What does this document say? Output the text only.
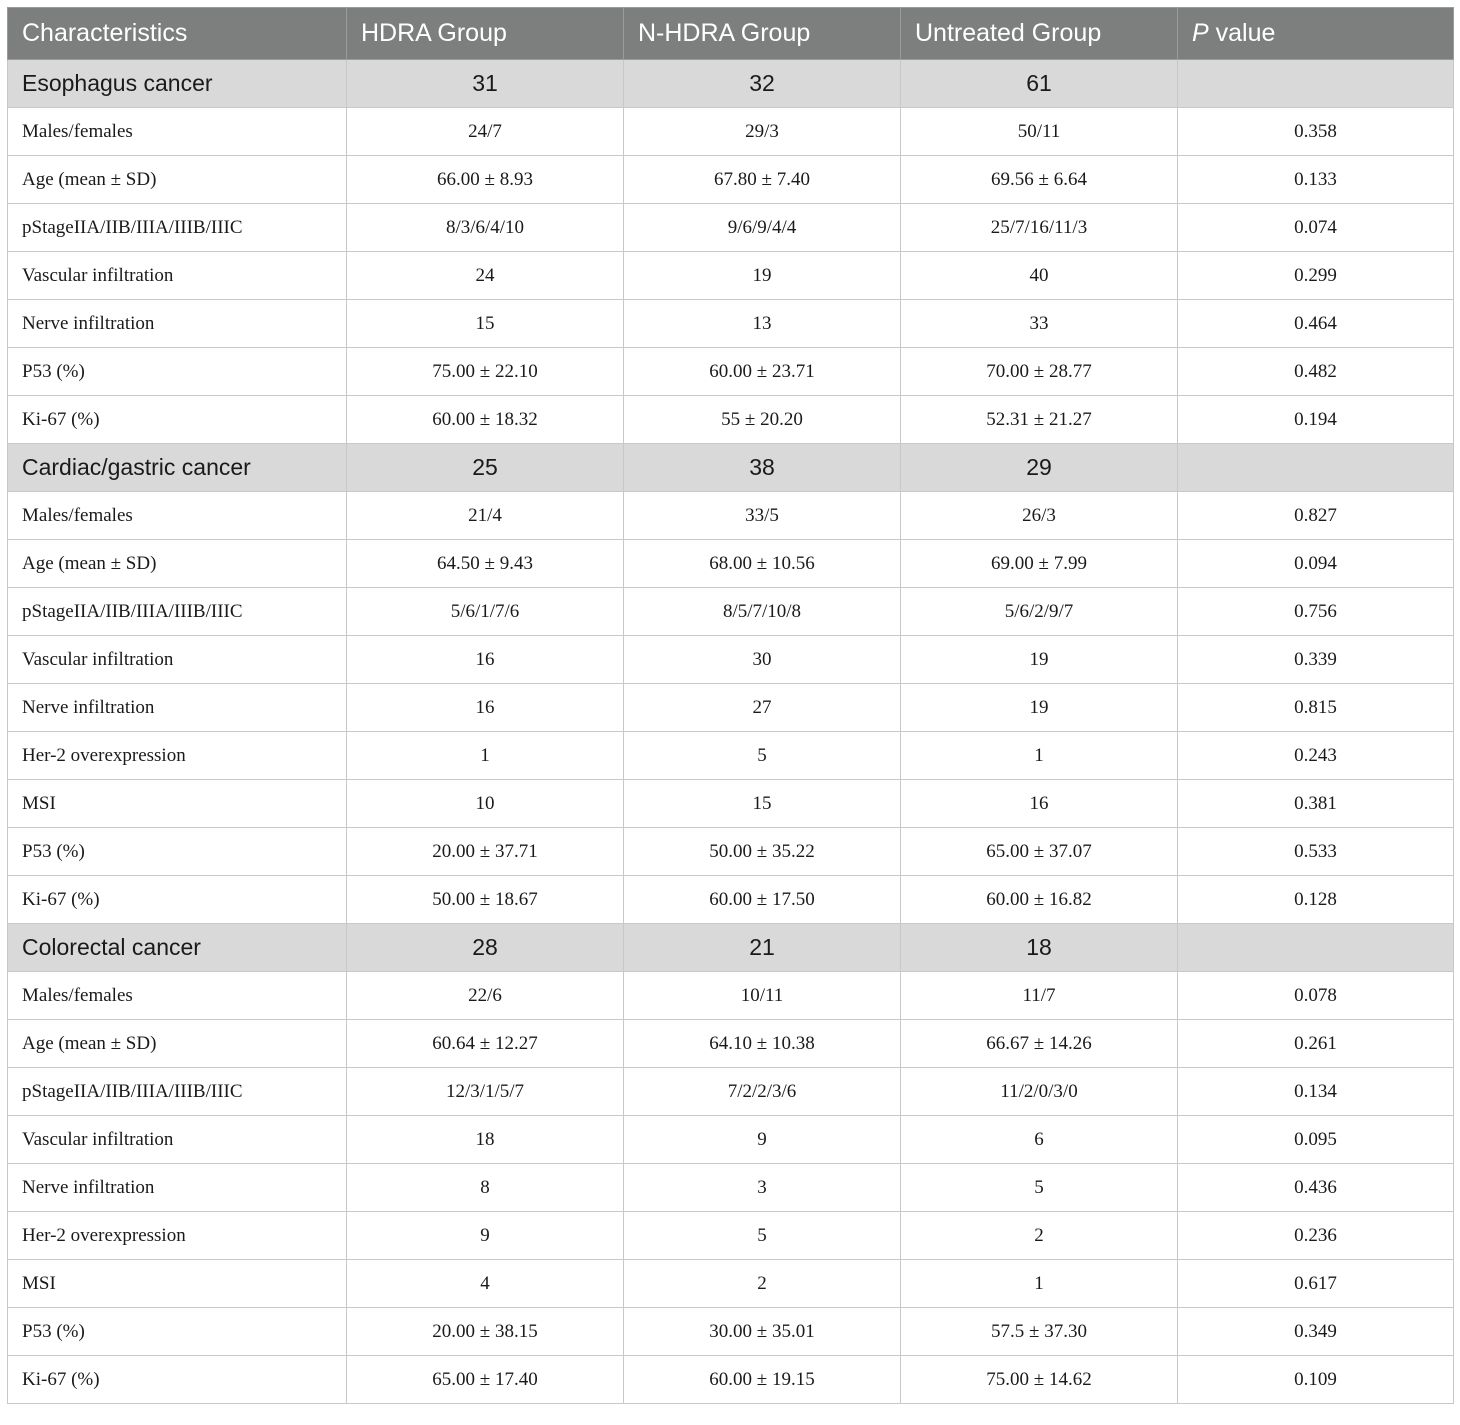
Characteristics	HDRA Group	N-HDRA Group	Untreated Group	P value
Esophagus cancer	31	32	61	
Males/females	24/7	29/3	50/11	0.358
Age (mean ± SD)	66.00 ± 8.93	67.80 ± 7.40	69.56 ± 6.64	0.133
pStageIIA/IIB/IIIA/IIIB/IIIC	8/3/6/4/10	9/6/9/4/4	25/7/16/11/3	0.074
Vascular infiltration	24	19	40	0.299
Nerve infiltration	15	13	33	0.464
P53 (%)	75.00 ± 22.10	60.00 ± 23.71	70.00 ± 28.77	0.482
Ki-67 (%)	60.00 ± 18.32	55 ± 20.20	52.31 ± 21.27	0.194
Cardiac/gastric cancer	25	38	29	
Males/females	21/4	33/5	26/3	0.827
Age (mean ± SD)	64.50 ± 9.43	68.00 ± 10.56	69.00 ± 7.99	0.094
pStageIIA/IIB/IIIA/IIIB/IIIC	5/6/1/7/6	8/5/7/10/8	5/6/2/9/7	0.756
Vascular infiltration	16	30	19	0.339
Nerve infiltration	16	27	19	0.815
Her-2 overexpression	1	5	1	0.243
MSI	10	15	16	0.381
P53 (%)	20.00 ± 37.71	50.00 ± 35.22	65.00 ± 37.07	0.533
Ki-67 (%)	50.00 ± 18.67	60.00 ± 17.50	60.00 ± 16.82	0.128
Colorectal cancer	28	21	18	
Males/females	22/6	10/11	11/7	0.078
Age (mean ± SD)	60.64 ± 12.27	64.10 ± 10.38	66.67 ± 14.26	0.261
pStageIIA/IIB/IIIA/IIIB/IIIC	12/3/1/5/7	7/2/2/3/6	11/2/0/3/0	0.134
Vascular infiltration	18	9	6	0.095
Nerve infiltration	8	3	5	0.436
Her-2 overexpression	9	5	2	0.236
MSI	4	2	1	0.617
P53 (%)	20.00 ± 38.15	30.00 ± 35.01	57.5 ± 37.30	0.349
Ki-67 (%)	65.00 ± 17.40	60.00 ± 19.15	75.00 ± 14.62	0.109
